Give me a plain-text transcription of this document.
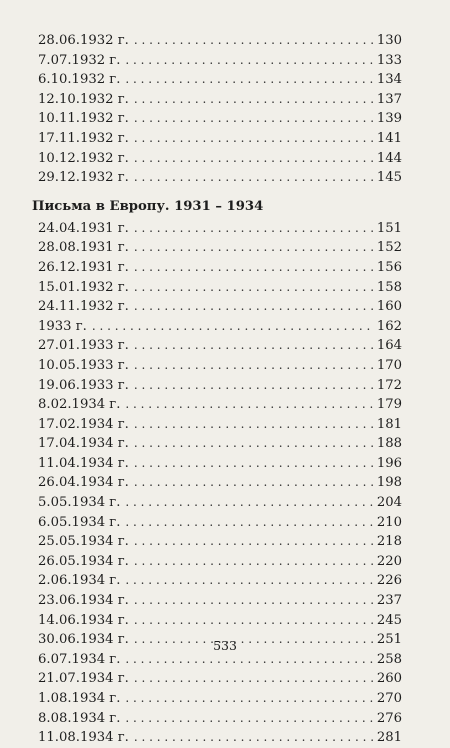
28.06.1932 г. . . .	130
7.07.1932 г. . . .	133
6.10.1932 г. . . .	134
12.10.1932 г. . . .	137
10.11.1932 г. . . .	139
17.11.1932 г. . . .	141
10.12.1932 г. . . .	144
29.12.1932 г. . . .	145
Письма в Европу. 1931 – 1934
24.04.1931 г. . . .	151
28.08.1931 г. . . .	152
26.12.1931 г. . . .	156
15.01.1932 г. . . .	158
24.11.1932 г. . . .	160
1933 г. . . .	162
27.01.1933 г. . . .	164
10.05.1933 г. . . .	170
19.06.1933 г. . . .	172
8.02.1934 г. . . .	179
17.02.1934 г. . . .	181
17.04.1934 г. . . .	188
11.04.1934 г. . . .	196
26.04.1934 г. . . .	198
5.05.1934 г. . . .	204
6.05.1934 г. . . .	210
25.05.1934 г. . . .	218
26.05.1934 г. . . .	220
2.06.1934 г. . . .	226
23.06.1934 г. . . .	237
14.06.1934 г. . . .	245
30.06.1934 г. . . .	251
6.07.1934 г. . . .	258
21.07.1934 г. . . .	260
1.08.1934 г. . . .	270
8.08.1934 г. . . .	276
11.08.1934 г. . . .	281
533
